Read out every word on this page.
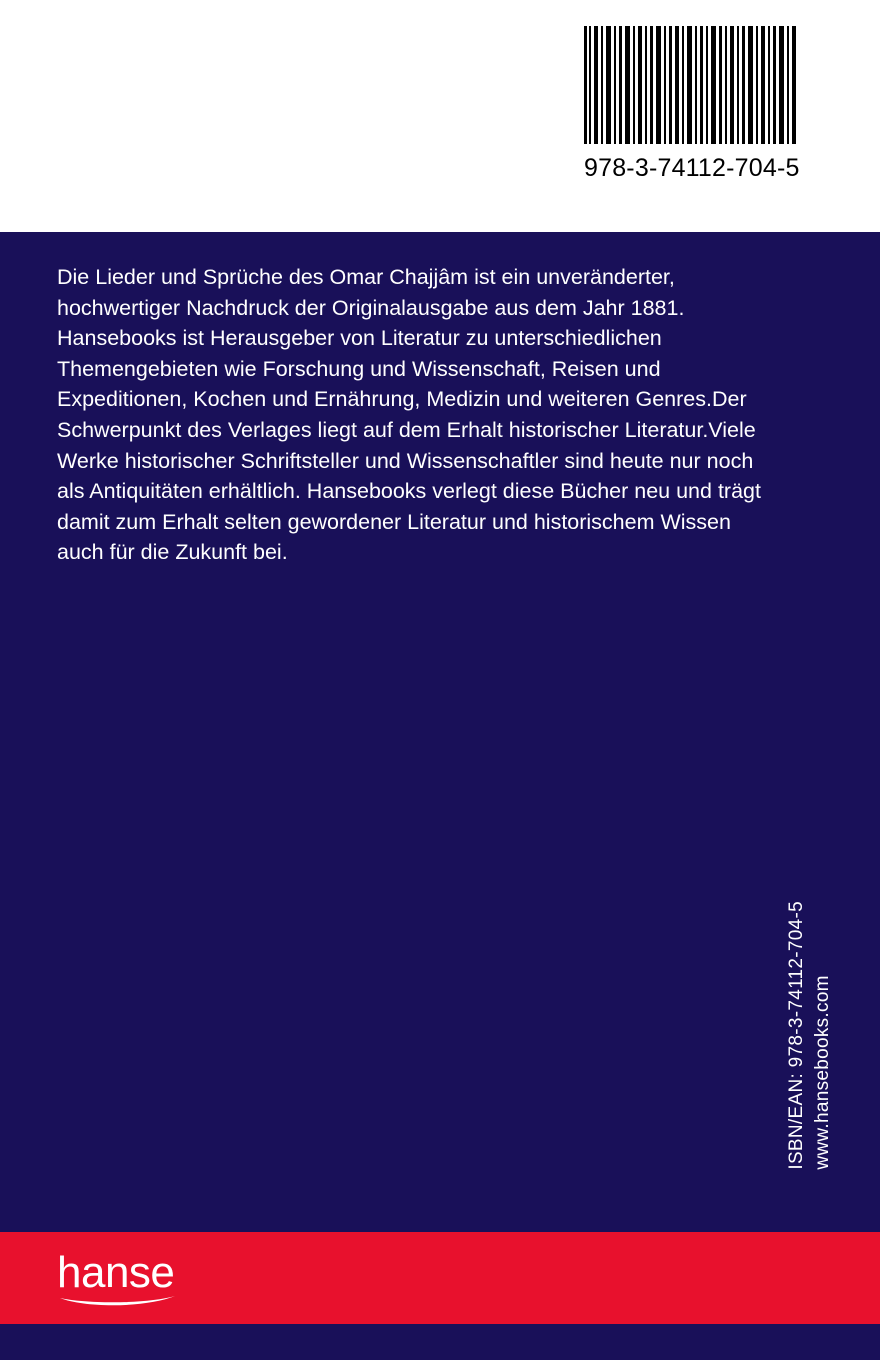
978-3-74112-704-5
Die Lieder und Sprüche des Omar Chajjâm ist ein unveränderter, hochwertiger Nachdruck der Originalausgabe aus dem Jahr 1881. Hansebooks ist Herausgeber von Literatur zu unterschiedlichen Themengebieten wie Forschung und Wissenschaft, Reisen und Expeditionen, Kochen und Ernährung, Medizin und weiteren Genres.Der Schwerpunkt des Verlages liegt auf dem Erhalt historischer Literatur.Viele Werke historischer Schriftsteller und Wissenschaftler sind heute nur noch als Antiquitäten erhältlich. Hansebooks verlegt diese Bücher neu und trägt damit zum Erhalt selten gewordener Literatur und historischem Wissen auch für die Zukunft bei.
ISBN/EAN: 978-3-74112-704-5 www.hansebooks.com
hanse
